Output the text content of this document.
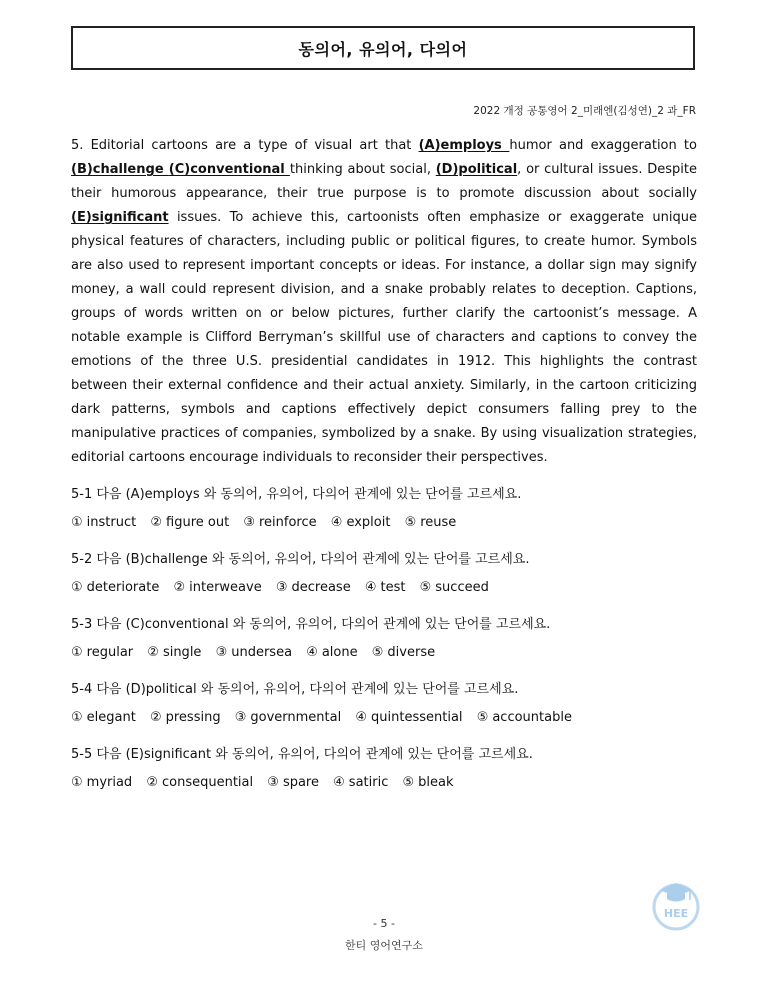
동의어, 유의어, 다의어
2022 개정 공통영어 2_미래엔(김성연)_2 과_FR
5. Editorial cartoons are a type of visual art that (A)employs humor and exaggeration to (B)challenge (C)conventional thinking about social, (D)political, or cultural issues. Despite their humorous appearance, their true purpose is to promote discussion about socially (E)significant issues. To achieve this, cartoonists often emphasize or exaggerate unique physical features of characters, including public or political figures, to create humor. Symbols are also used to represent important concepts or ideas. For instance, a dollar sign may signify money, a wall could represent division, and a snake probably relates to deception. Captions, groups of words written on or below pictures, further clarify the cartoonist’s message. A notable example is Clifford Berryman’s skillful use of characters and captions to convey the emotions of the three U.S. presidential candidates in 1912. This highlights the contrast between their external confidence and their actual anxiety. Similarly, in the cartoon criticizing dark patterns, symbols and captions effectively depict consumers falling prey to the manipulative practices of companies, symbolized by a snake. By using visualization strategies, editorial cartoons encourage individuals to reconsider their perspectives.
5-1 다음 (A)employs 와 동의어, 유의어, 다의어 관계에 있는 단어를 고르세요.
① instruct ② figure out ③ reinforce ④ exploit ⑤ reuse
5-2 다음 (B)challenge 와 동의어, 유의어, 다의어 관계에 있는 단어를 고르세요.
① deteriorate ② interweave ③ decrease ④ test ⑤ succeed
5-3 다음 (C)conventional 와 동의어, 유의어, 다의어 관계에 있는 단어를 고르세요.
① regular ② single ③ undersea ④ alone ⑤ diverse
5-4 다음 (D)political 와 동의어, 유의어, 다의어 관계에 있는 단어를 고르세요.
① elegant ② pressing ③ governmental ④ quintessential ⑤ accountable
5-5 다음 (E)significant 와 동의어, 유의어, 다의어 관계에 있는 단어를 고르세요.
① myriad ② consequential ③ spare ④ satiric ⑤ bleak
HEE
- 5 -
한티 영어연구소
